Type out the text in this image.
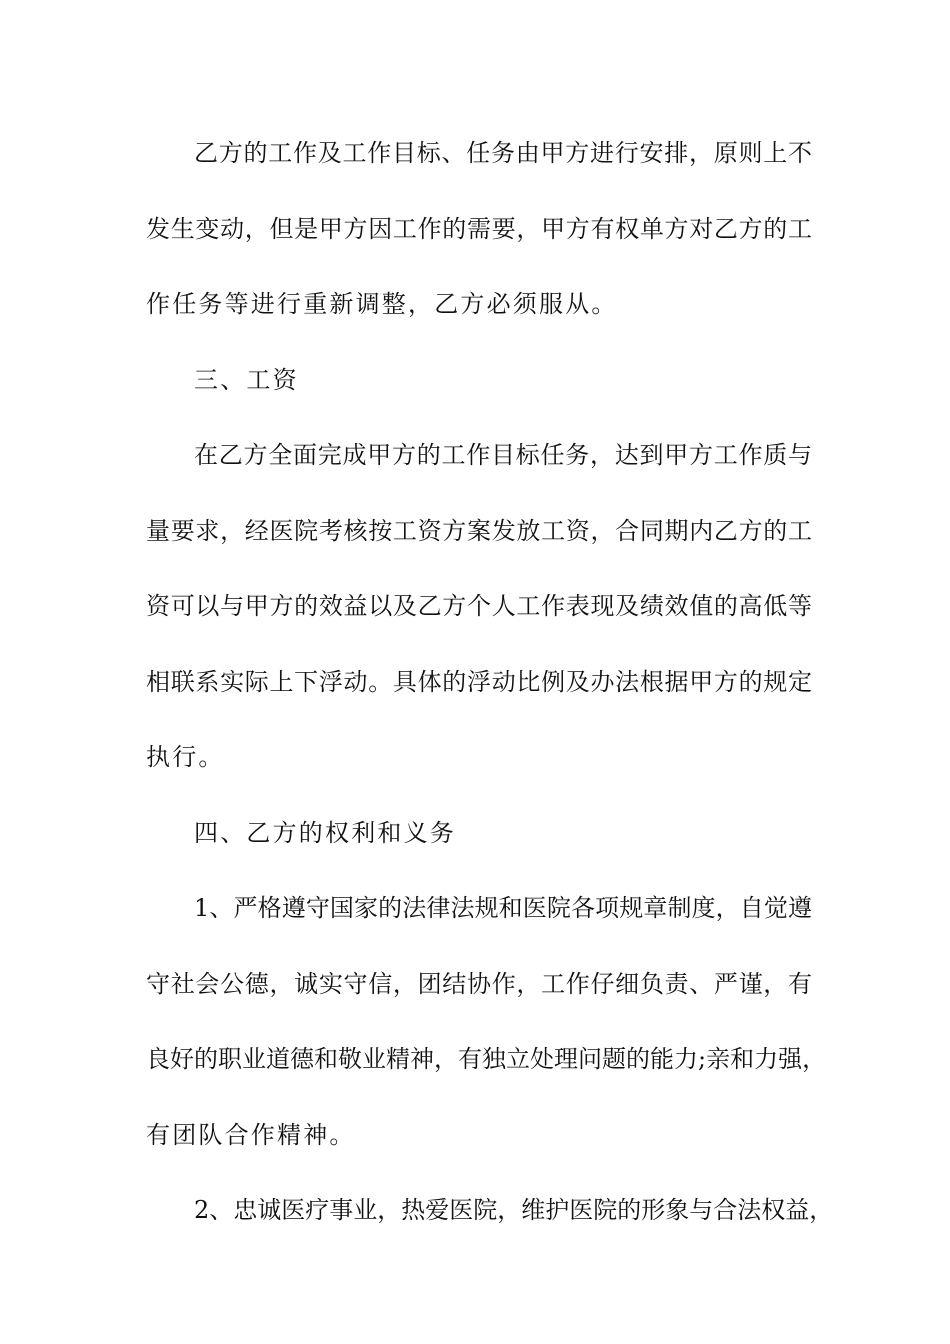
乙方的工作及工作目标、任务由甲方进行安排，原则上不
发生变动，但是甲方因工作的需要，甲方有权单方对乙方的工
作任务等进行重新调整，乙方必须服从。
三、工资
在乙方全面完成甲方的工作目标任务，达到甲方工作质与
量要求，经医院考核按工资方案发放工资，合同期内乙方的工
资可以与甲方的效益以及乙方个人工作表现及绩效值的高低等
相联系实际上下浮动。具体的浮动比例及办法根据甲方的规定
执行。
四、乙方的权利和义务
1、严格遵守国家的法律法规和医院各项规章制度，自觉遵
守社会公德，诚实守信，团结协作，工作仔细负责、严谨，有
良好的职业道德和敬业精神，有独立处理问题的能力;亲和力强，
有团队合作精神。
2、忠诚医疗事业，热爱医院，维护医院的形象与合法权益，
